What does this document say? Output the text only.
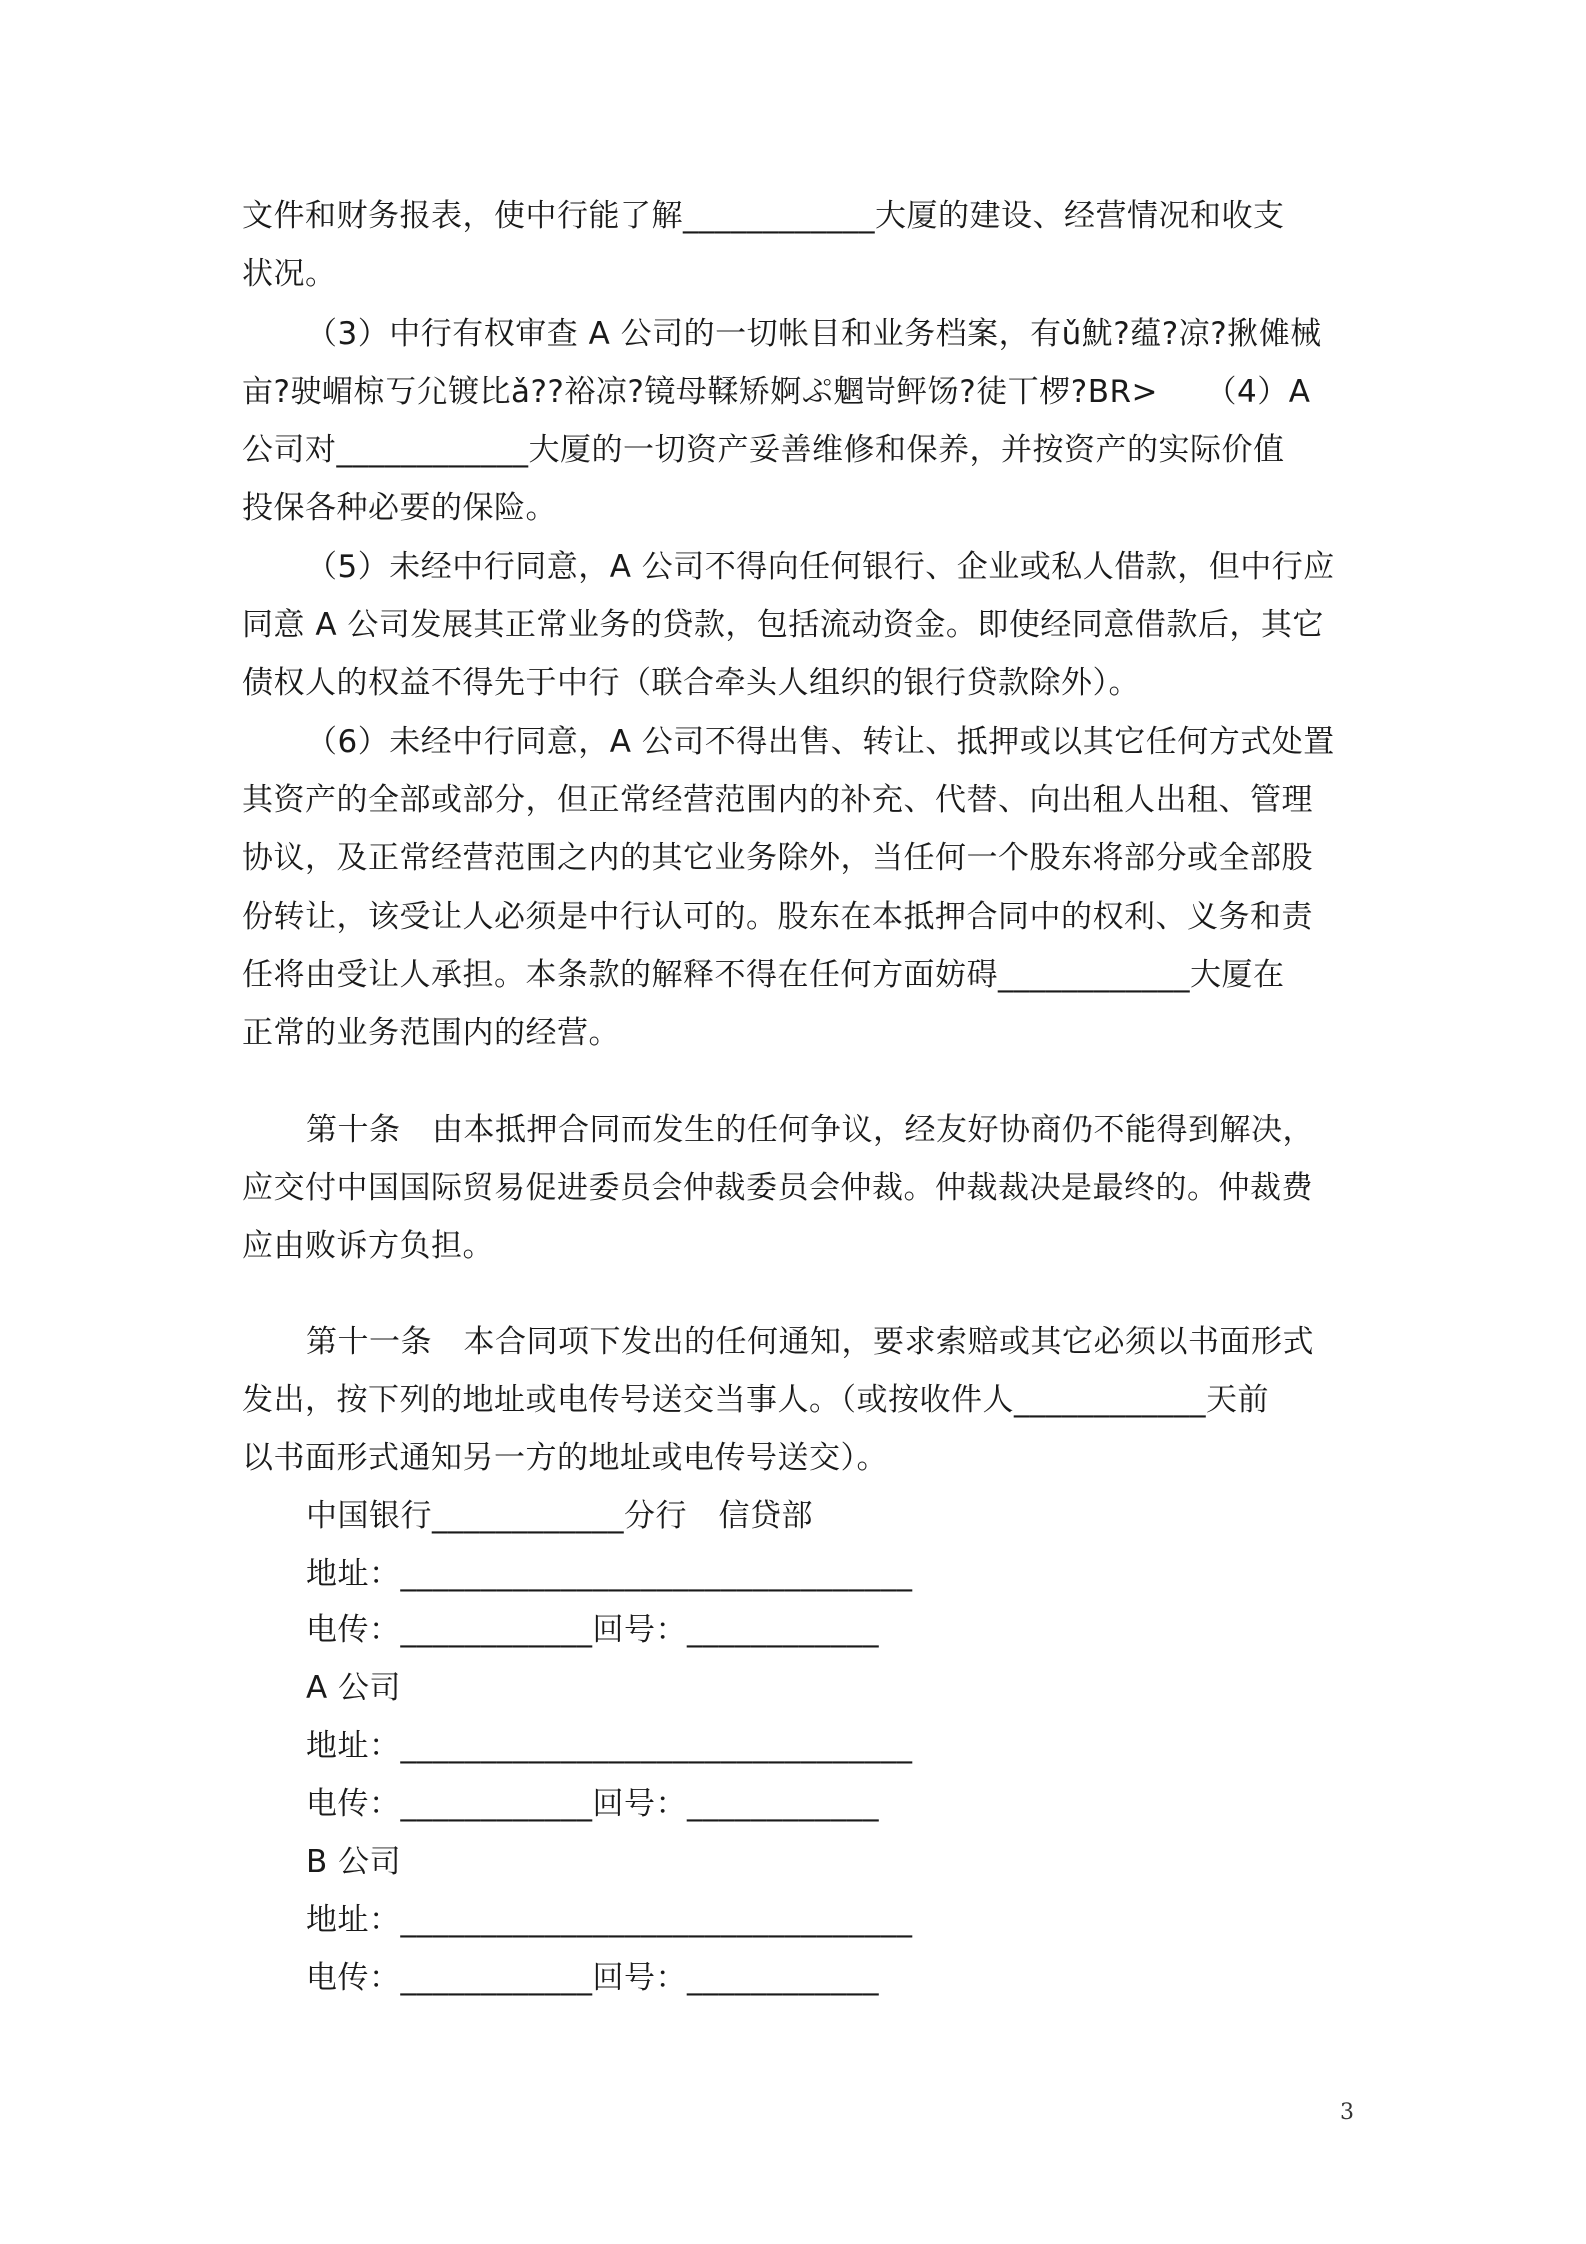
文件和财务报表，使中行能了解____________大厦的建设、经营情况和收支
状况。
（3）中行有权审查 A 公司的一切帐目和业务档案，有ǔ魷?蕴?凉?揪傩械
亩?驶嵋椋丂尣镀比ǎ??裕凉?镜母鞣矫婀ぷ魍岢鲆饧?徒丅椤?BR>　　（4）A
公司对____________大厦的一切资产妥善维修和保养，并按资产的实际价值
投保各种必要的保险。
（5）未经中行同意，A 公司不得向任何银行、企业或私人借款，但中行应
同意 A 公司发展其正常业务的贷款，包括流动资金。即使经同意借款后，其它
债权人的权益不得先于中行（联合牵头人组织的银行贷款除外）。
（6）未经中行同意，A 公司不得出售、转让、抵押或以其它任何方式处置
其资产的全部或部分，但正常经营范围内的补充、代替、向出租人出租、管理
协议，及正常经营范围之内的其它业务除外，当任何一个股东将部分或全部股
份转让，该受让人必须是中行认可的。股东在本抵押合同中的权利、义务和责
任将由受让人承担。本条款的解释不得在任何方面妨碍____________大厦在
正常的业务范围内的经营。
第十条　由本抵押合同而发生的任何争议，经友好协商仍不能得到解决，
应交付中国国际贸易促进委员会仲裁委员会仲裁。仲裁裁决是最终的。仲裁费
应由败诉方负担。
第十一条　本合同项下发出的任何通知，要求索赔或其它必须以书面形式
发出，按下列的地址或电传号送交当事人。（或按收件人____________天前
以书面形式通知另一方的地址或电传号送交）。
中国银行____________分行　信贷部
地址：________________________________
电传：____________回号：____________
A 公司
地址：________________________________
电传：____________回号：____________
B 公司
地址：________________________________
电传：____________回号：____________
3
